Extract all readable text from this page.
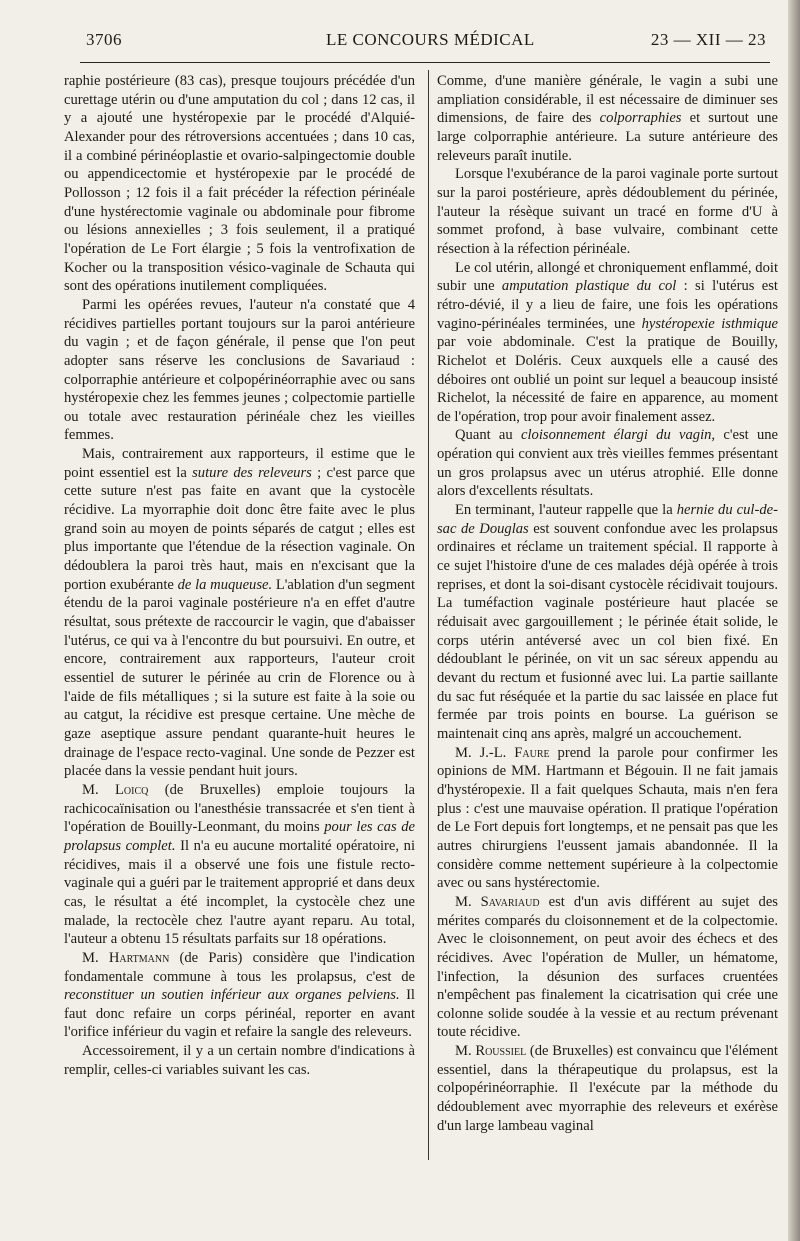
3706	LE CONCOURS MÉDICAL	23 — XII — 23

raphie postérieure (83 cas), presque toujours précédée d'un curettage utérin ou d'une amputation du col ; dans 12 cas, il y a ajouté une hystéropexie par le procédé d'Alquié-Alexander pour des rétroversions accentuées ; dans 10 cas, il a combiné périnéoplastie et ovario-salpingectomie double ou appendicectomie et hystéropexie par le procédé de Pollosson ; 12 fois il a fait précéder la réfection périnéale d'une hystérectomie vaginale ou abdominale pour fibrome ou lésions annexielles ; 3 fois seulement, il a pratiqué l'opération de Le Fort élargie ; 5 fois la ventrofixation de Kocher ou la transposition vésico-vaginale de Schauta qui sont des opérations inutilement compliquées.

Parmi les opérées revues, l'auteur n'a constaté que 4 récidives partielles portant toujours sur la paroi antérieure du vagin ; et de façon générale, il pense que l'on peut adopter sans réserve les conclusions de Savariaud : colporraphie antérieure et colpopérinéorraphie avec ou sans hystéropexie chez les femmes jeunes ; colpectomie partielle ou totale avec restauration périnéale chez les vieilles femmes.

Mais, contrairement aux rapporteurs, il estime que le point essentiel est la suture des releveurs ; c'est parce que cette suture n'est pas faite en avant que la cystocèle récidive. La myorraphie doit donc être faite avec le plus grand soin au moyen de points séparés de catgut ; elles est plus importante que l'étendue de la résection vaginale. On dédoublera la paroi très haut, mais en n'excisant que la portion exubérante de la muqueuse. L'ablation d'un segment étendu de la paroi vaginale postérieure n'a en effet d'autre résultat, sous prétexte de raccourcir le vagin, que d'abaisser l'utérus, ce qui va à l'encontre du but poursuivi. En outre, et encore, contrairement aux rapporteurs, l'auteur croit essentiel de suturer le périnée au crin de Florence ou à l'aide de fils métalliques ; si la suture est faite à la soie ou au catgut, la récidive est presque certaine. Une mèche de gaze aseptique assure pendant quarante-huit heures le drainage de l'espace recto-vaginal. Une sonde de Pezzer est placée dans la vessie pendant huit jours.

M. Loicq (de Bruxelles) emploie toujours la rachicocaïnisation ou l'anesthésie transsacrée et s'en tient à l'opération de Bouilly-Leonmant, du moins pour les cas de prolapsus complet. Il n'a eu aucune mortalité opératoire, ni récidives, mais il a observé une fois une fistule recto-vaginale qui a guéri par le traitement approprié et dans deux cas, le résultat a été incomplet, la cystocèle chez une malade, la rectocèle chez l'autre ayant reparu. Au total, l'auteur a obtenu 15 résultats parfaits sur 18 opérations.

M. Hartmann (de Paris) considère que l'indication fondamentale commune à tous les prolapsus, c'est de reconstituer un soutien inférieur aux organes pelviens. Il faut donc refaire un corps périnéal, reporter en avant l'orifice inférieur du vagin et refaire la sangle des releveurs.

Accessoirement, il y a un certain nombre d'indications à remplir, celles-ci variables suivant les cas.

Comme, d'une manière générale, le vagin a subi une ampliation considérable, il est nécessaire de diminuer ses dimensions, de faire des colporraphies et surtout une large colporraphie antérieure. La suture antérieure des releveurs paraît inutile.

Lorsque l'exubérance de la paroi vaginale porte surtout sur la paroi postérieure, après dédoublement du périnée, l'auteur la résèque suivant un tracé en forme d'U à sommet profond, à base vulvaire, combinant cette résection à la réfection périnéale.

Le col utérin, allongé et chroniquement enflammé, doit subir une amputation plastique du col : si l'utérus est rétro-dévié, il y a lieu de faire, une fois les opérations vagino-périnéales terminées, une hystéropexie isthmique par voie abdominale. C'est la pratique de Bouilly, Richelot et Doléris. Ceux auxquels elle a causé des déboires ont oublié un point sur lequel a beaucoup insisté Richelot, la nécessité de faire en apparence, au moment de l'opération, trop pour avoir finalement assez.

Quant au cloisonnement élargi du vagin, c'est une opération qui convient aux très vieilles femmes présentant un gros prolapsus avec un utérus atrophié. Elle donne alors d'excellents résultats.

En terminant, l'auteur rappelle que la hernie du cul-de-sac de Douglas est souvent confondue avec les prolapsus ordinaires et réclame un traitement spécial. Il rapporte à ce sujet l'histoire d'une de ces malades déjà opérée à trois reprises, et dont la soi-disant cystocèle récidivait toujours. La tuméfaction vaginale postérieure haut placée se réduisait avec gargouillement ; le périnée était solide, le corps utérin antéversé avec un col bien fixé. En dédoublant le périnée, on vit un sac séreux appendu au devant du rectum et fusionné avec lui. La partie saillante du sac fut réséquée et la partie du sac laissée en place fut fermée par trois points en bourse. La guérison se maintenait cinq ans après, malgré un accouchement.

M. J.-L. Faure prend la parole pour confirmer les opinions de MM. Hartmann et Bégouin. Il ne fait jamais d'hystéropexie. Il a fait quelques Schauta, mais n'en fera plus : c'est une mauvaise opération. Il pratique l'opération de Le Fort depuis fort longtemps, et ne pensait pas que les autres chirurgiens l'eussent jamais abandonnée. Il la considère comme nettement supérieure à la colpectomie avec ou sans hystérectomie.

M. Savariaud est d'un avis différent au sujet des mérites comparés du cloisonnement et de la colpectomie. Avec le cloisonnement, on peut avoir des échecs et des récidives. Avec l'opération de Muller, un hématome, l'infection, la désunion des surfaces cruentées n'empêchent pas finalement la cicatrisation qui crée une colonne solide soudée à la vessie et au rectum prévenant toute récidive.

M. Roussiel (de Bruxelles) est convaincu que l'élément essentiel, dans la thérapeutique du prolapsus, est la colpopérinéorraphie. Il l'exécute par la méthode du dédoublement avec myorraphie des releveurs et exérèse d'un large lambeau vaginal
